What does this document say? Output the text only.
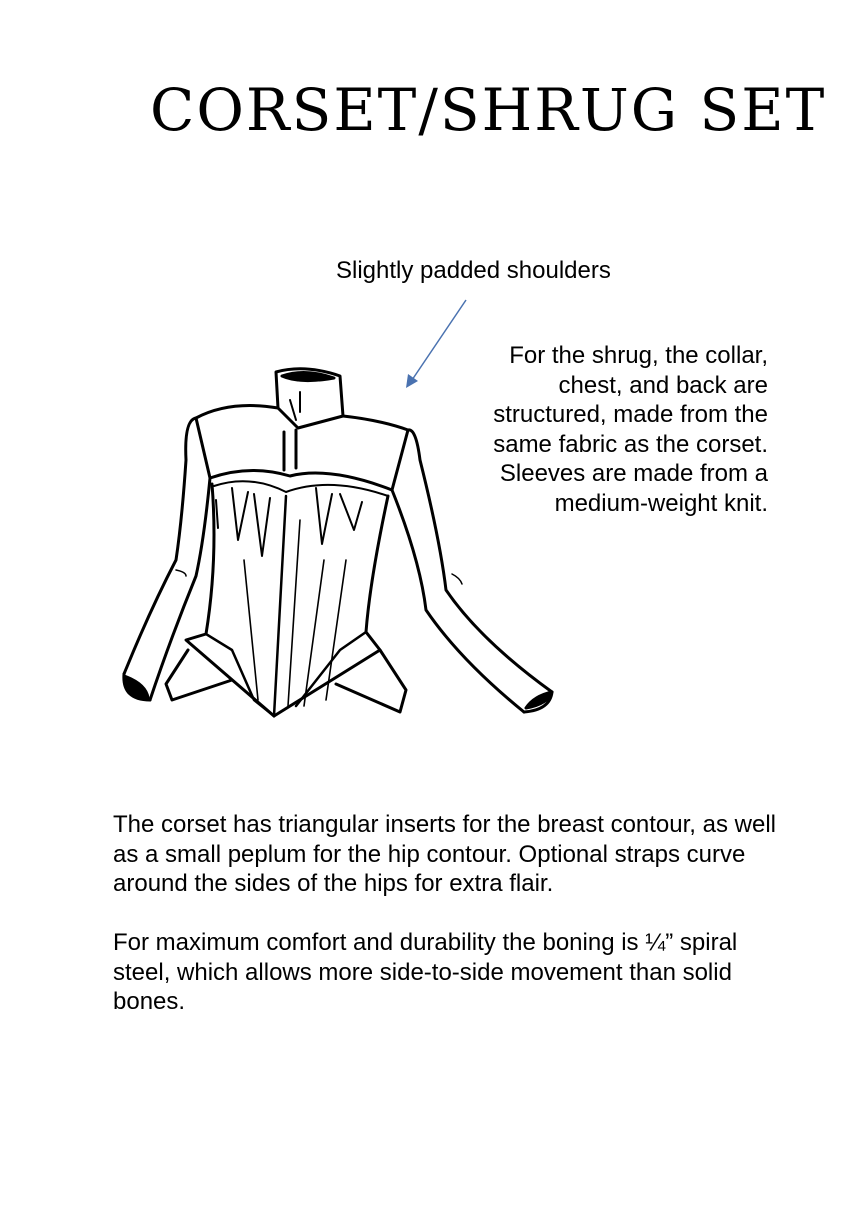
CORSET/SHRUG SET
Slightly padded shoulders
For the shrug, the collar, chest, and back are structured, made from the same fabric as the corset. Sleeves are made from a medium-weight knit.
The corset has triangular inserts for the breast contour, as well as a small peplum for the hip contour. Optional straps curve around the sides of the hips for extra flair.
For maximum comfort and durability the boning is ¼” spiral steel, which allows more side-to-side movement than solid bones.
